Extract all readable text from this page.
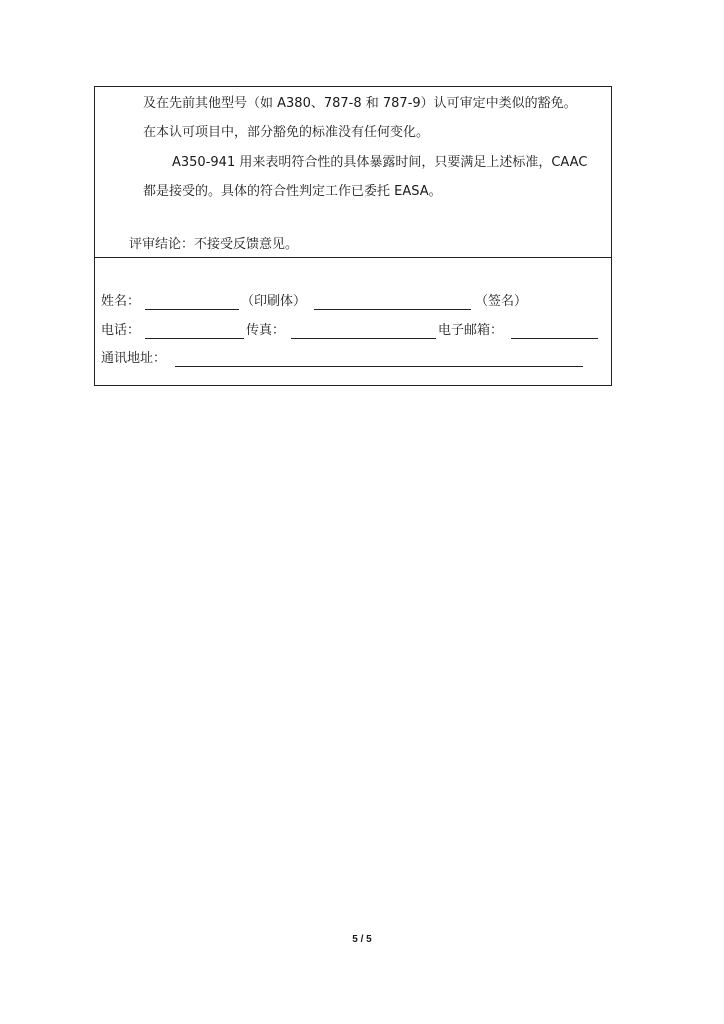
及在先前其他型号（如 A380、787-8 和 787-9）认可审定中类似的豁免。
在本认可项目中，部分豁免的标准没有任何变化。
A350-941 用来表明符合性的具体暴露时间，只要满足上述标准，CAAC
都是接受的。具体的符合性判定工作已委托 EASA。
评审结论：不接受反馈意见。
姓名：	（印刷体）	（签名）
电话：	传真：	电子邮箱：
通讯地址：
5 / 5
